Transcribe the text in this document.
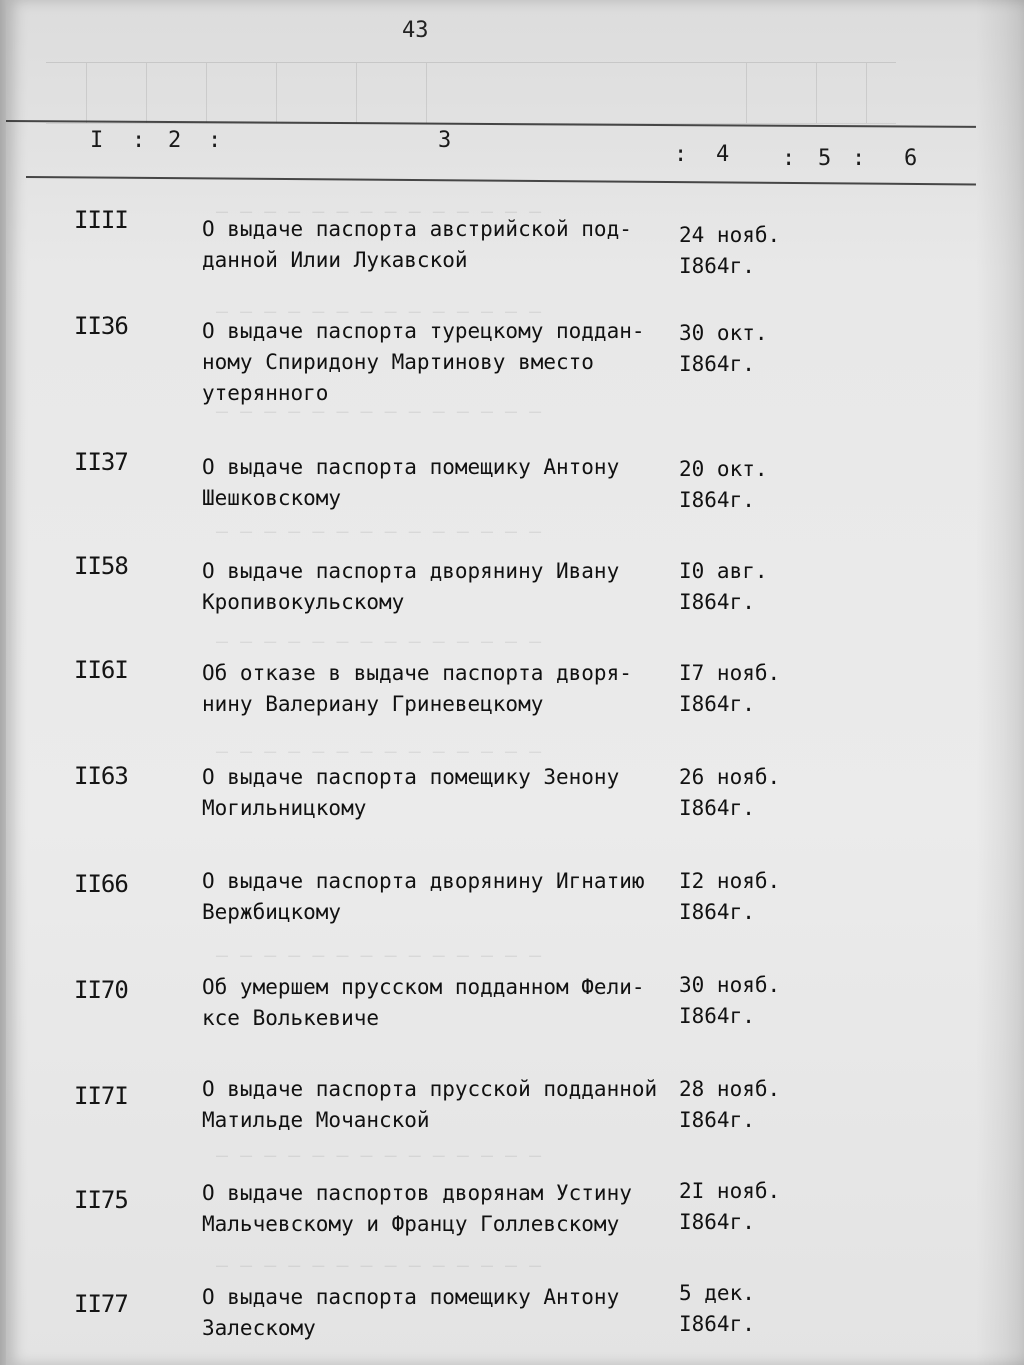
43
I : 2 :	3
: 4 : 5 : 6
— — — — — — — — — — — — — —
— — — — — — — — — — — — — —
— — — — — — — — — — — — — —
— — — — — — — — — — — — — —
— — — — — — — — — — — — — —
— — — — — — — — — — — — — —
— — — — — — — — — — — — — —
— — — — — — — — — — — — — —
— — — — — — — — — — — — — —
IIII	О выдаче паспорта австрийской под-
данной Илии Лукавской
24 нояб.
I864г.
II36	О выдаче паспорта турецкому поддан-
ному Спиридону Мартинову вместо
утерянного
30 окт.
I864г.
II37	О выдаче паспорта помещику Антону
Шешковскому
20 окт.
I864г.
II58	О выдаче паспорта дворянину Ивану
Кропивокульскому
I0 авг.
I864г.
II6I	Об отказе в выдаче паспорта дворя-
нину Валериану Гриневецкому
I7 нояб.
I864г.
II63	О выдаче паспорта помещику Зенону
Могильницкому
26 нояб.
I864г.
II66	О выдаче паспорта дворянину Игнатию
Вержбицкому
I2 нояб.
I864г.
II70	Об умершем прусском подданном Фели-
ксе Волькевиче
30 нояб.
I864г.
II7I	О выдаче паспорта прусской подданной
Матильде Мочанской
28 нояб.
I864г.
II75	О выдаче паспортов дворянам Устину
Мальчевскому и Францу Голлевскому
2I нояб.
I864г.
II77	О выдаче паспорта помещику Антону
Залескому
5 дек.
I864г.
